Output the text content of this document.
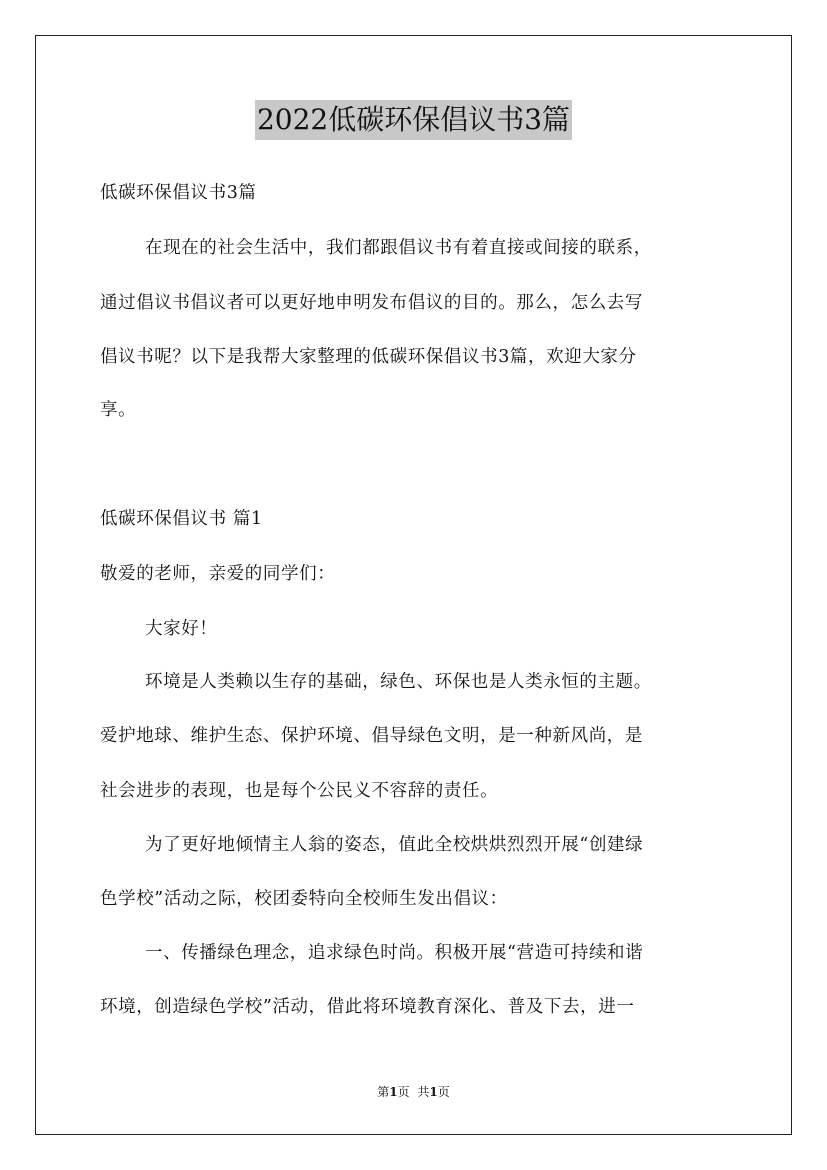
2022低碳环保倡议书3篇
低碳环保倡议书3篇
在现在的社会生活中，我们都跟倡议书有着直接或间接的联系，
通过倡议书倡议者可以更好地申明发布倡议的目的。那么，怎么去写
倡议书呢？以下是我帮大家整理的低碳环保倡议书3篇，欢迎大家分
享。
低碳环保倡议书 篇1
敬爱的老师，亲爱的同学们：
大家好！
环境是人类赖以生存的基础，绿色、环保也是人类永恒的主题。
爱护地球、维护生态、保护环境、倡导绿色文明，是一种新风尚，是
社会进步的表现，也是每个公民义不容辞的责任。
为了更好地倾情主人翁的姿态，值此全校烘烘烈烈开展“创建绿
色学校”活动之际，校团委特向全校师生发出倡议：
一、传播绿色理念，追求绿色时尚。积极开展“营造可持续和谐
环境，创造绿色学校”活动，借此将环境教育深化、普及下去，进一
第1页 共1页
